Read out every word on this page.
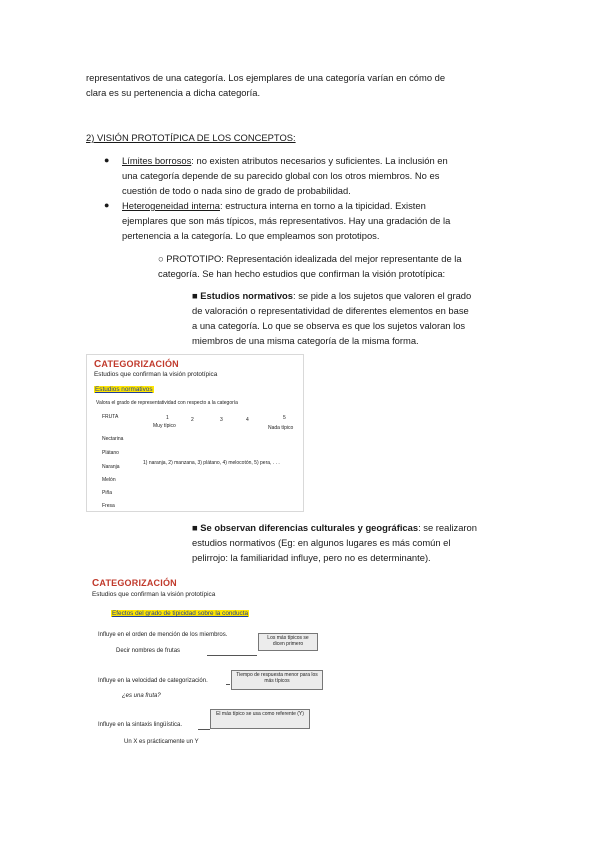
representativos de una categoría. Los ejemplares de una categoría varían en cómo de
clara es su pertenencia a dicha categoría.
2) VISIÓN PROTOTÍPICA DE LOS CONCEPTOS:
● Límites borrosos: no existen atributos necesarios y suficientes. La inclusión en
una categoría depende de su parecido global con los otros miembros. No es
cuestión de todo o nada sino de grado de probabilidad.
● Heterogeneidad interna: estructura interna en torno a la tipicidad. Existen
ejemplares que son más típicos, más representativos. Hay una gradación de la
pertenencia a la categoría. Lo que empleamos son prototipos.
○ PROTOTIPO: Representación idealizada del mejor representante de la
categoría. Se han hecho estudios que confirman la visión prototípica:
■ Estudios normativos: se pide a los sujetos que valoren el grado
de valoración o representatividad de diferentes elementos en base
a una categoría. Lo que se observa es que los sujetos valoran los
miembros de una misma categoría de la misma forma.
CATEGORIZACIÓN
Estudios que confirman la visión prototípica
Estudios normativos
Valora el grado de representatividad con respecto a la categoría
FRUTA	1	2	3	4	5
Muy típico	Nada típico
Nectarina
Plátano
Naranja
Melón
Piña
Fresa
1) naranja, 2) manzana, 3) plátano, 4) melocotón, 5) pera, . . .
■ Se observan diferencias culturales y geográficas: se realizaron
estudios normativos (Eg: en algunos lugares es más común el
pelirrojo: la familiaridad influye, pero no es determinante).
CATEGORIZACIÓN
Estudios que confirman la visión prototípica
Efectos del grado de tipicidad sobre la conducta
Influye en el orden de mención de los miembros.
Decir nombres de frutas
Los más típicos se dicen primero
Influye en la velocidad de categorización.
¿es una fruta?
Tiempo de respuesta menor para los más típicos
Influye en la sintaxis lingüística.
Un X es prácticamente un Y
El más típico se usa como referente (Y)
